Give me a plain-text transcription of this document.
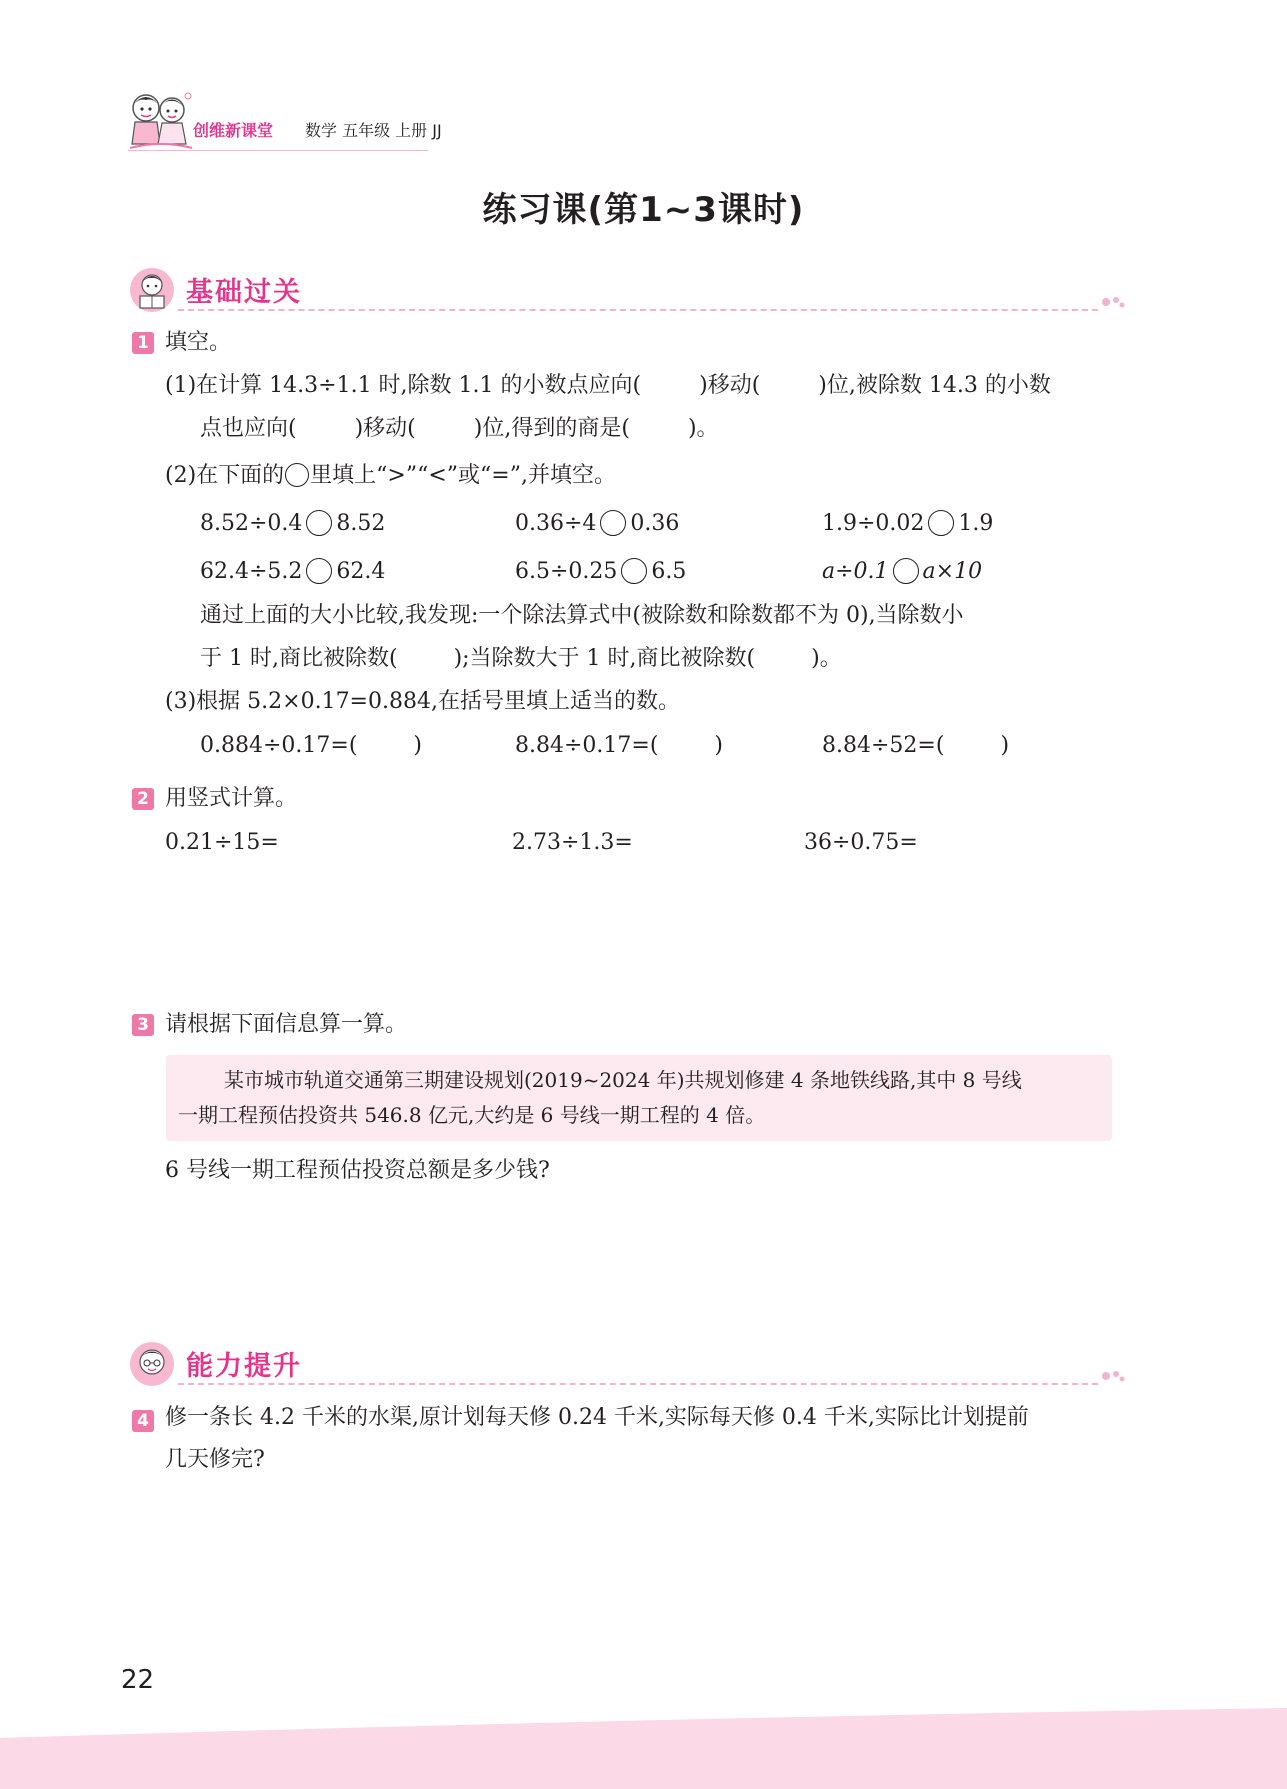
创维新课堂 数学 五年级 上册 JJ
练习课(第1~3课时)
基础过关
1 填空。
(1)在计算 14.3÷1.1 时,除数 1.1 的小数点应向(	)移动(	)位,被除数 14.3 的小数
点也应向(	)移动(	)位,得到的商是(	)。
(2)在下面的 里填上“>”“<”或“=”,并填空。
8.52÷0.4 8.52	0.36÷4 0.36	1.9÷0.02 1.9
62.4÷5.2 62.4	6.5÷0.25 6.5	a÷0.1 a×10
通过上面的大小比较,我发现:一个除法算式中(被除数和除数都不为 0),当除数小
于 1 时,商比被除数(	);当除数大于 1 时,商比被除数(	)。
(3)根据 5.2×0.17=0.884,在括号里填上适当的数。
0.884÷0.17=(	)	8.84÷0.17=(	)	8.84÷52=(	)
2 用竖式计算。
0.21÷15=	2.73÷1.3=	36÷0.75=
3 请根据下面信息算一算。
某市城市轨道交通第三期建设规划(2019~2024 年)共规划修建 4 条地铁线路,其中 8 号线
一期工程预估投资共 546.8 亿元,大约是 6 号线一期工程的 4 倍。
6 号线一期工程预估投资总额是多少钱?
能力提升
4 修一条长 4.2 千米的水渠,原计划每天修 0.24 千米,实际每天修 0.4 千米,实际比计划提前
几天修完?
22
